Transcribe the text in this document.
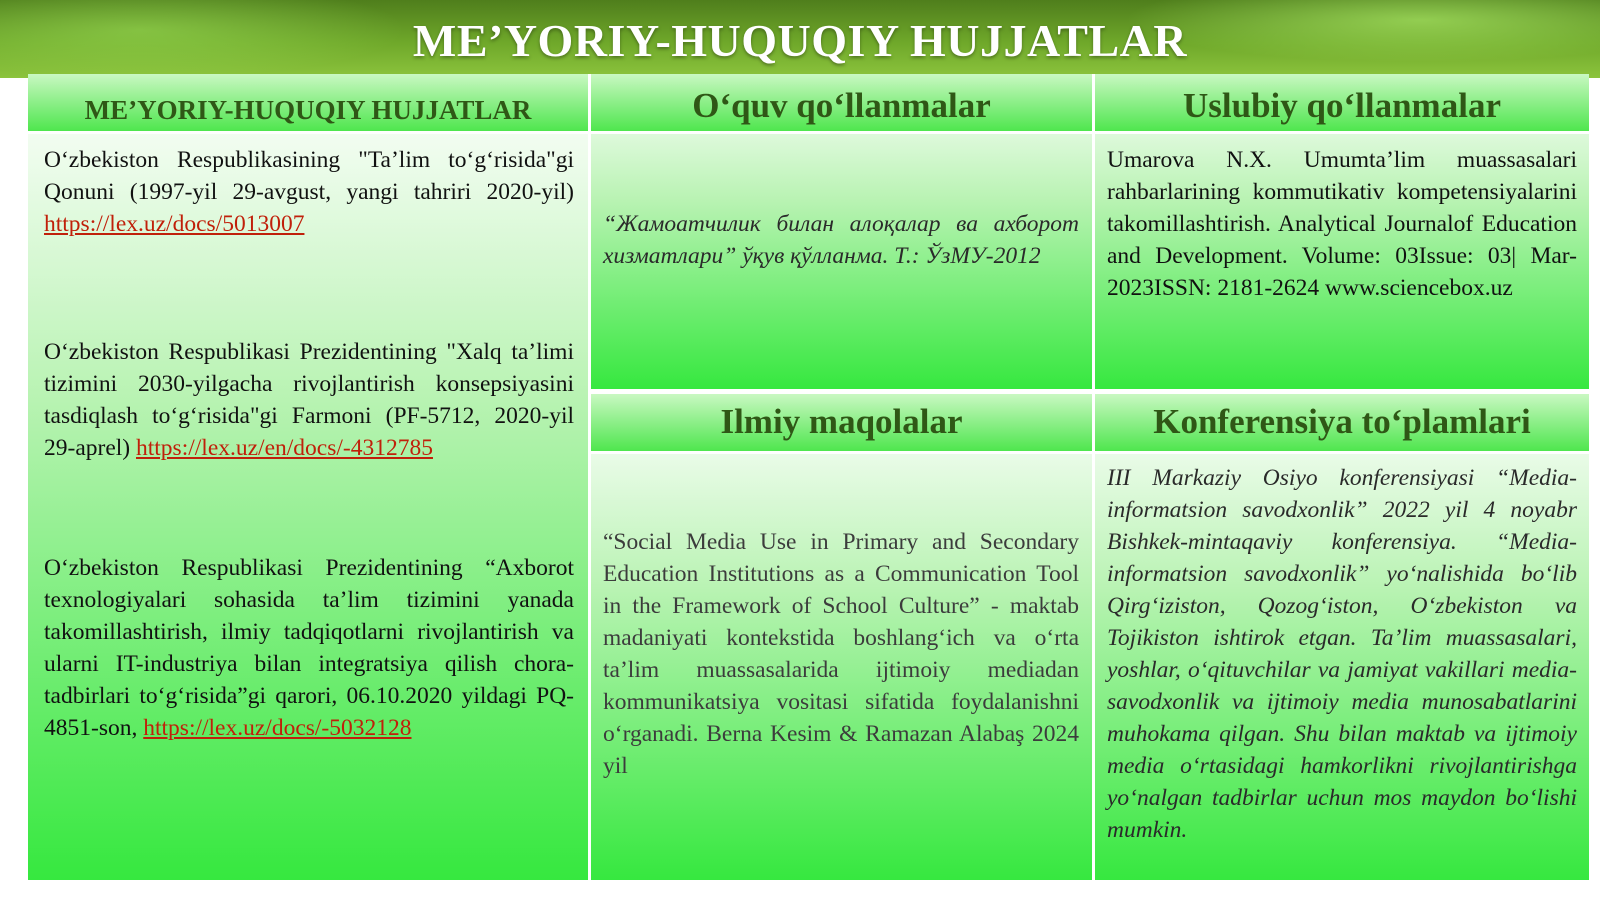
ME’YORIY-HUQUQIY HUJJATLAR
ME’YORIY-HUQUQIY HUJJATLAR
O‘zbekiston Respublikasining "Ta’lim to‘g‘risida"gi Qonuni (1997-yil 29-avgust, yangi tahriri 2020-yil) https://lex.uz/docs/5013007
O‘zbekiston Respublikasi Prezidentining "Xalq ta’limi tizimini 2030-yilgacha rivojlantirish konsepsiyasini tasdiqlash to‘g‘risida"gi Farmoni (PF-5712, 2020-yil 29-aprel) https://lex.uz/en/docs/-4312785
O‘zbekiston Respublikasi Prezidentining “Axborot texnologiyalari sohasida ta’lim tizimini yanada takomillashtirish, ilmiy tadqiqotlarni rivojlantirish va ularni IT-industriya bilan integratsiya qilish chora-tadbirlari to‘g‘risida”gi qarori, 06.10.2020 yildagi PQ-4851-son, https://lex.uz/docs/-5032128
O‘quv qo‘llanmalar
“Жамоатчилик билан алоқалар ва ахборот хизматлари” ўқув қўлланма. Т.: ЎзМУ-2012
Uslubiy qo‘llanmalar
Umarova N.X. Umumta’lim muassasalari rahbarlarining kommutikativ kompetensiyalarini takomillashtirish. Analytical Journalof Education and Development. Volume: 03Issue: 03| Mar-2023ISSN: 2181-2624 www.sciencebox.uz
Ilmiy maqolalar
“Social Media Use in Primary and Secondary Education Institutions as a Communication Tool in the Framework of School Culture” - maktab madaniyati kontekstida boshlang‘ich va o‘rta ta’lim muassasalarida ijtimoiy mediadan kommunikatsiya vositasi sifatida foydalanishni o‘rganadi. Berna Kesim & Ramazan Alabaş 2024 yil
Konferensiya to‘plamlari
III Markaziy Osiyo konferensiyasi “Media-informatsion savodxonlik” 2022 yil 4 noyabr Bishkek-mintaqaviy konferensiya. “Media-informatsion savodxonlik” yo‘nalishida bo‘lib Qirg‘iziston, Qozog‘iston, O‘zbekiston va Tojikiston ishtirok etgan. Ta’lim muassasalari, yoshlar, o‘qituvchilar va jamiyat vakillari media-savodxonlik va ijtimoiy media munosabatlarini muhokama qilgan. Shu bilan maktab va ijtimoiy media o‘rtasidagi hamkorlikni rivojlantirishga yo‘nalgan tadbirlar uchun mos maydon bo‘lishi mumkin.
